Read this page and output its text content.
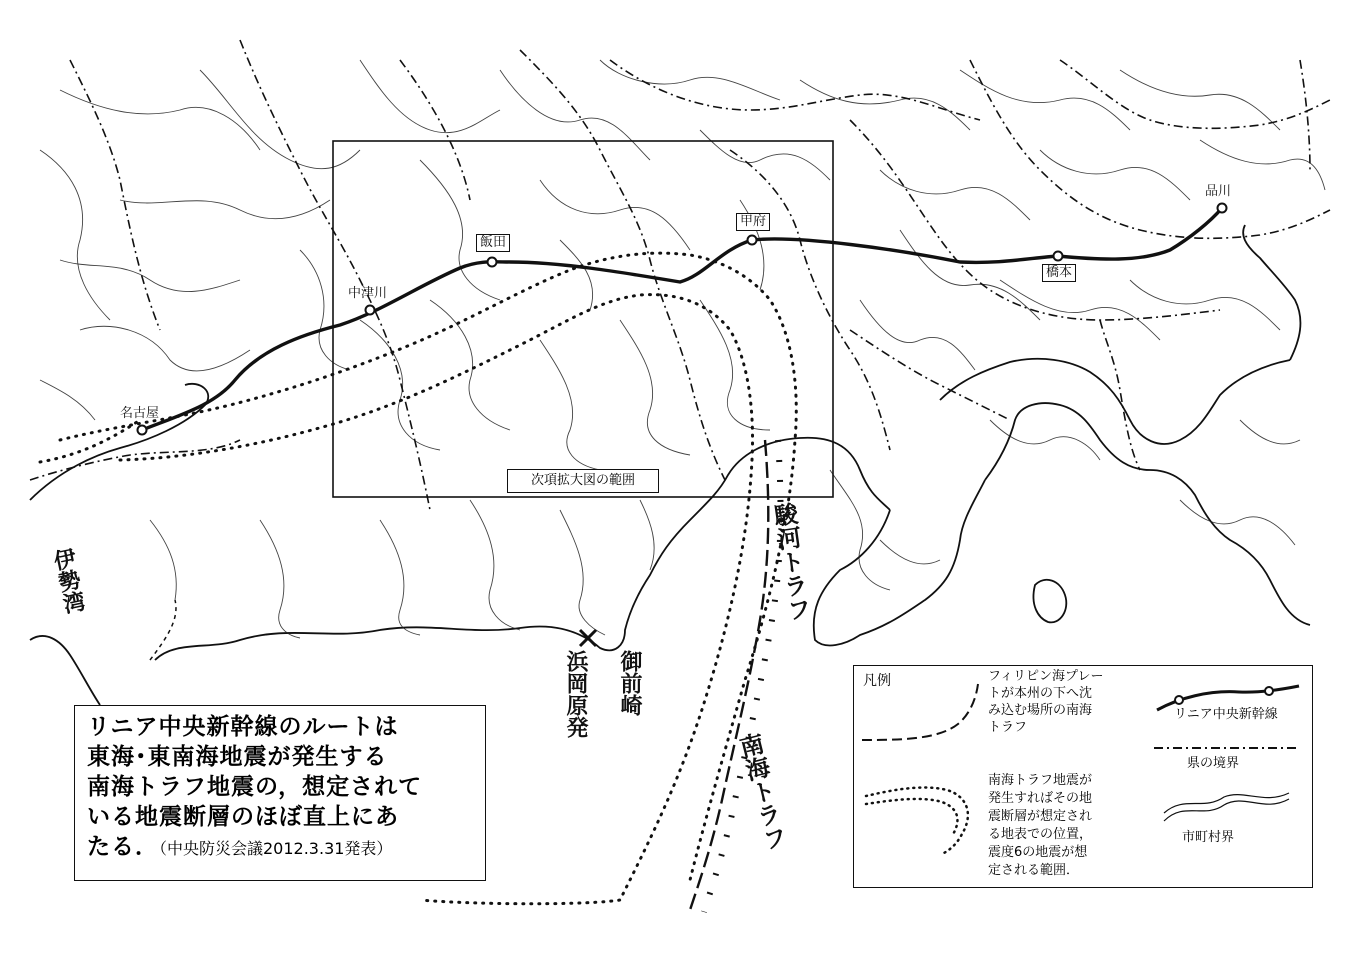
名古屋
中津川
飯田
甲府
橋本
品川
次項拡大図の範囲
伊勢湾
浜岡原発 御前崎
駿河トラフ
南海トラフ
リニア中央新幹線のルートは
東海･東南海地震が発生する
南海トラフ地震の，想定されて
いる地震断層のほぼ直上にあ
たる．（中央防災会議2012.3.31発表）
凡例	フィリピン海プレー
トが本州の下へ沈
み込む場所の南海
トラフ
リニア中央新幹線
県の境界
南海トラフ地震が
発生すればその地
震断層が想定され
る地表での位置，
震度6の地震が想
定される範囲．
市町村界
